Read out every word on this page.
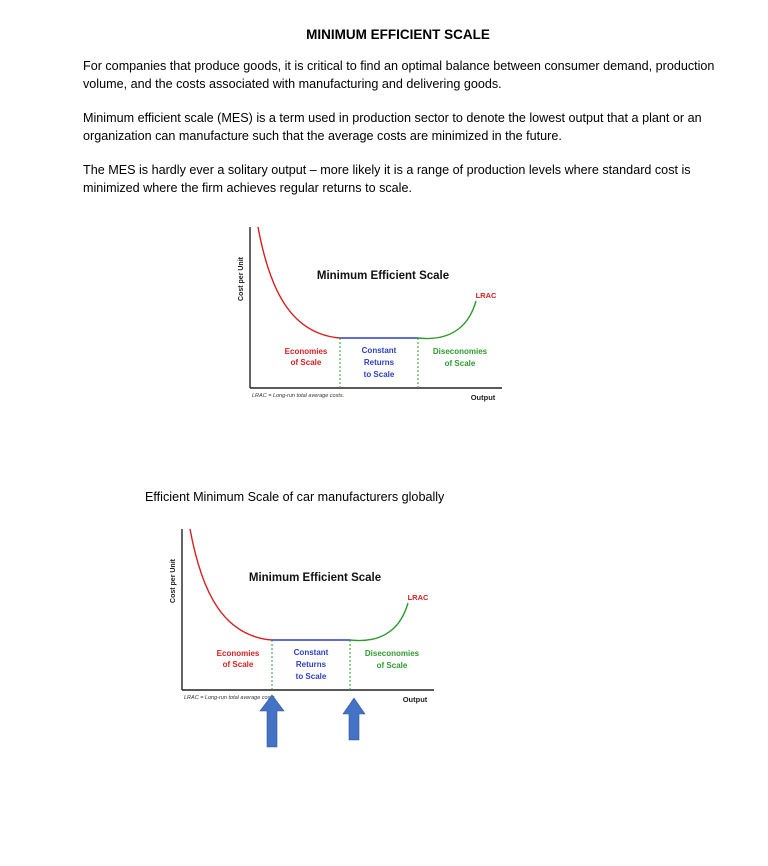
MINIMUM EFFICIENT SCALE
For companies that produce goods, it is critical to find an optimal balance between consumer demand, production volume, and the costs associated with manufacturing and delivering goods.
Minimum efficient scale (MES) is a term used in production sector to denote the lowest output that a plant or an organization can manufacture such that the average costs are minimized in the future.
The MES is hardly ever a solitary output – more likely it is a range of production levels where standard cost is minimized where the firm achieves regular returns to scale.
Cost per Unit
Output
Minimum Efficient Scale
LRAC
Economies
of Scale
Constant
Returns
to Scale
Diseconomies
of Scale
LRAC = Long-run total average costs.
Efficient Minimum Scale of car manufacturers globally
Cost per Unit
Output
Minimum Efficient Scale
LRAC
Economies
of Scale
Constant
Returns
to Scale
Diseconomies
of Scale
LRAC = Long-run total average costs.
